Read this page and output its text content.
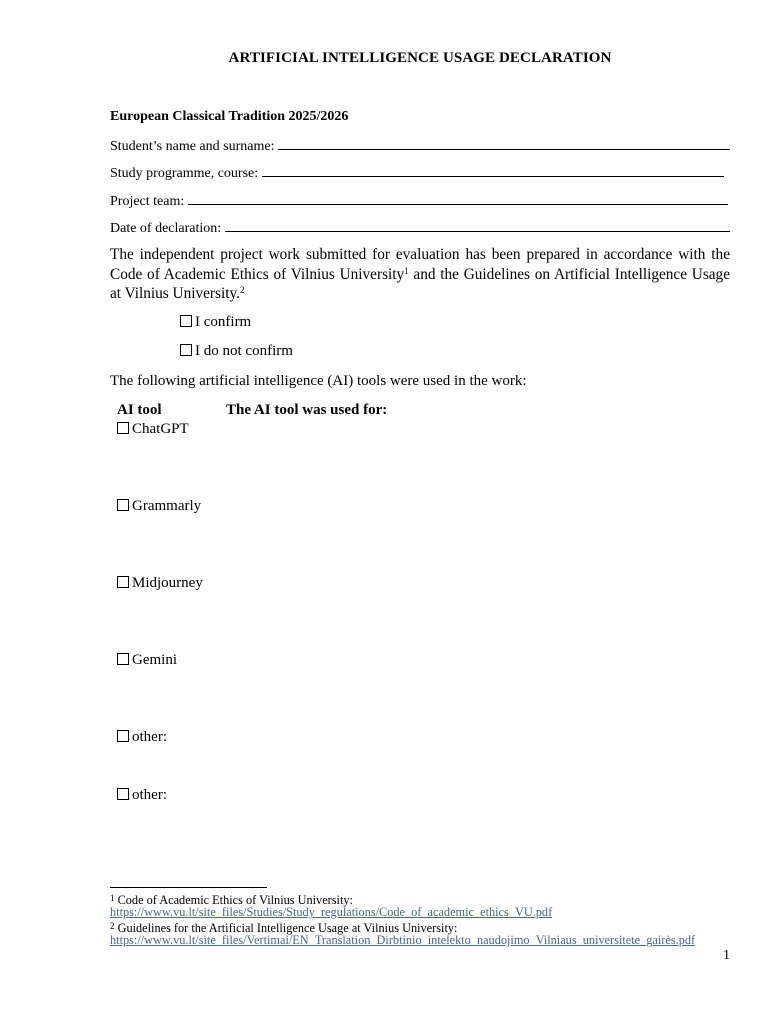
ARTIFICIAL INTELLIGENCE USAGE DECLARATION
European Classical Tradition 2025/2026
Student’s name and surname:
Study programme, course:
Project team:
Date of declaration:
The independent project work submitted for evaluation has been prepared in accordance with the Code of Academic Ethics of Vilnius University$^1$ and the Guidelines on Artificial Intelligence Usage at Vilnius University.$^2$
I confirm
I do not confirm
The following artificial intelligence (AI) tools were used in the work:
AI tool	The AI tool was used for:
ChatGPT
Grammarly
Midjourney
Gemini
other:
other:
$^1$ Code of Academic Ethics of Vilnius University:
https://www.vu.lt/site_files/Studies/Study_regulations/Code_of_academic_ethics_VU.pdf
$^2$ Guidelines for the Artificial Intelligence Usage at Vilnius University:
https://www.vu.lt/site_files/Vertimai/EN_Translation_Dirbtinio_intelekto_naudojimo_Vilniaus_universitete_gairės.pdf
1
